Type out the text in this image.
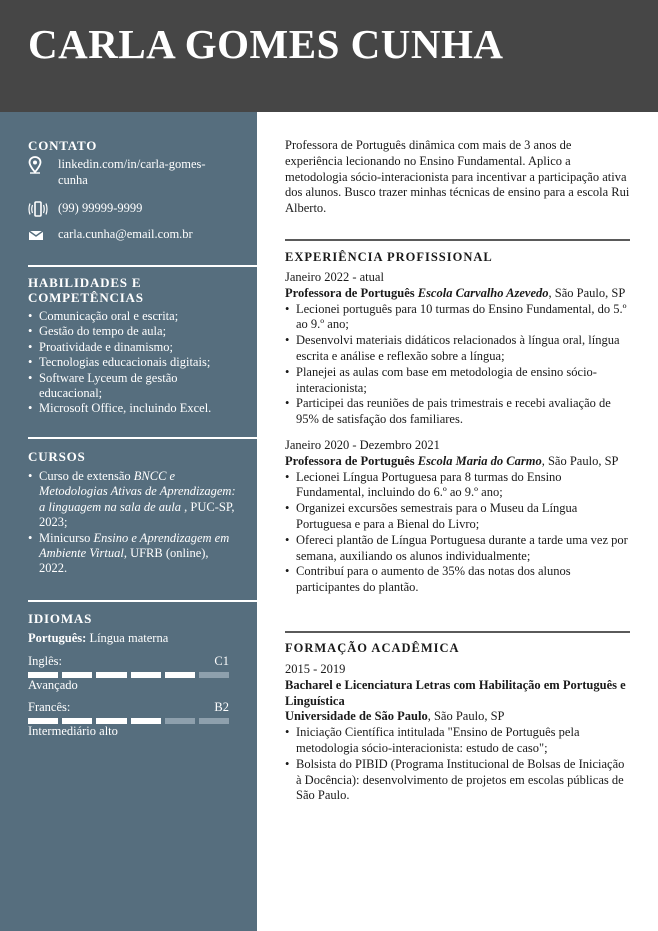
CARLA GOMES CUNHA
CONTATO
linkedin.com/in/carla-gomes-cunha
(99) 99999-9999
carla.cunha@email.com.br
HABILIDADES E COMPETÊNCIAS
• Comunicação oral e escrita;
• Gestão do tempo de aula;
• Proatividade e dinamismo;
• Tecnologias educacionais digitais;
• Software Lyceum de gestão educacional;
• Microsoft Office, incluindo Excel.
CURSOS
• Curso de extensão BNCC e Metodologias Ativas de Aprendizagem: a linguagem na sala de aula , PUC-SP, 2023;
• Minicurso Ensino e Aprendizagem em Ambiente Virtual, UFRB (online), 2022.
IDIOMAS
Português: Língua materna
Inglês:	C1
Avançado
Francês:	B2
Intermediário alto
Professora de Português dinâmica com mais de 3 anos de experiência lecionando no Ensino Fundamental. Aplico a metodologia sócio-interacionista para incentivar a participação ativa dos alunos. Busco trazer minhas técnicas de ensino para a escola Rui Alberto.
EXPERIÊNCIA PROFISSIONAL
Janeiro 2022 - atual
Professora de Português Escola Carvalho Azevedo, São Paulo, SP
• Lecionei português para 10 turmas do Ensino Fundamental, do 5.º ao 9.º ano;
• Desenvolvi materiais didáticos relacionados à língua oral, língua escrita e análise e reflexão sobre a língua;
• Planejei as aulas com base em metodologia de ensino sócio-interacionista;
• Participei das reuniões de pais trimestrais e recebi avaliação de 95% de satisfação dos familiares.
Janeiro 2020 - Dezembro 2021
Professora de Português Escola Maria do Carmo, São Paulo, SP
• Lecionei Língua Portuguesa para 8 turmas do Ensino Fundamental, incluindo do 6.º ao 9.º ano;
• Organizei excursões semestrais para o Museu da Língua Portuguesa e para a Bienal do Livro;
• Ofereci plantão de Língua Portuguesa durante a tarde uma vez por semana, auxiliando os alunos individualmente;
• Contribuí para o aumento de 35% das notas dos alunos participantes do plantão.
FORMAÇÃO ACADÊMICA
2015 - 2019
Bacharel e Licenciatura Letras com Habilitação em Português e Linguística
Universidade de São Paulo, São Paulo, SP
• Iniciação Científica intitulada "Ensino de Português pela metodologia sócio-interacionista: estudo de caso";
• Bolsista do PIBID (Programa Institucional de Bolsas de Iniciação à Docência): desenvolvimento de projetos em escolas públicas de São Paulo.
